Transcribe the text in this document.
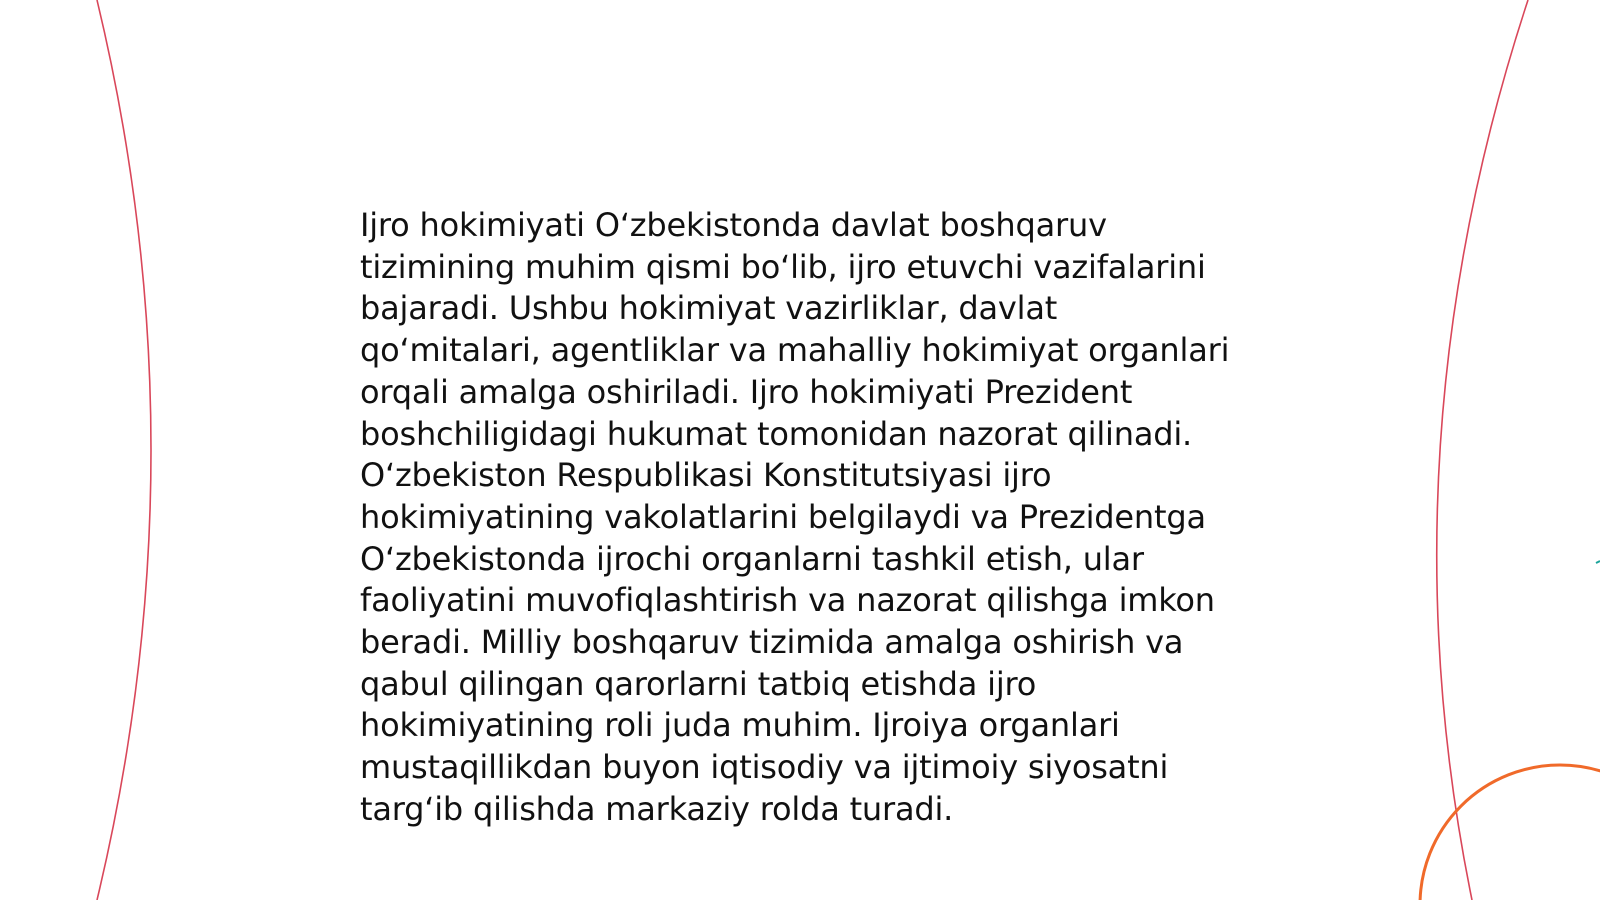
Ijro hokimiyati O‘zbekistonda davlat boshqaruv tizimining muhim qismi bo‘lib, ijro etuvchi vazifalarini bajaradi. Ushbu hokimiyat vazirliklar, davlat qo‘mitalari, agentliklar va mahalliy hokimiyat organlari orqali amalga oshiriladi. Ijro hokimiyati Prezident boshchiligidagi hukumat tomonidan nazorat qilinadi. O‘zbekiston Respublikasi Konstitutsiyasi ijro hokimiyatining vakolatlarini belgilaydi va Prezidentga O‘zbekistonda ijrochi organlarni tashkil etish, ular faoliyatini muvofiqlashtirish va nazorat qilishga imkon beradi. Milliy boshqaruv tizimida amalga oshirish va qabul qilingan qarorlarni tatbiq etishda ijro hokimiyatining roli juda muhim. Ijroiya organlari mustaqillikdan buyon iqtisodiy va ijtimoiy siyosatni targ‘ib qilishda markaziy rolda turadi.
